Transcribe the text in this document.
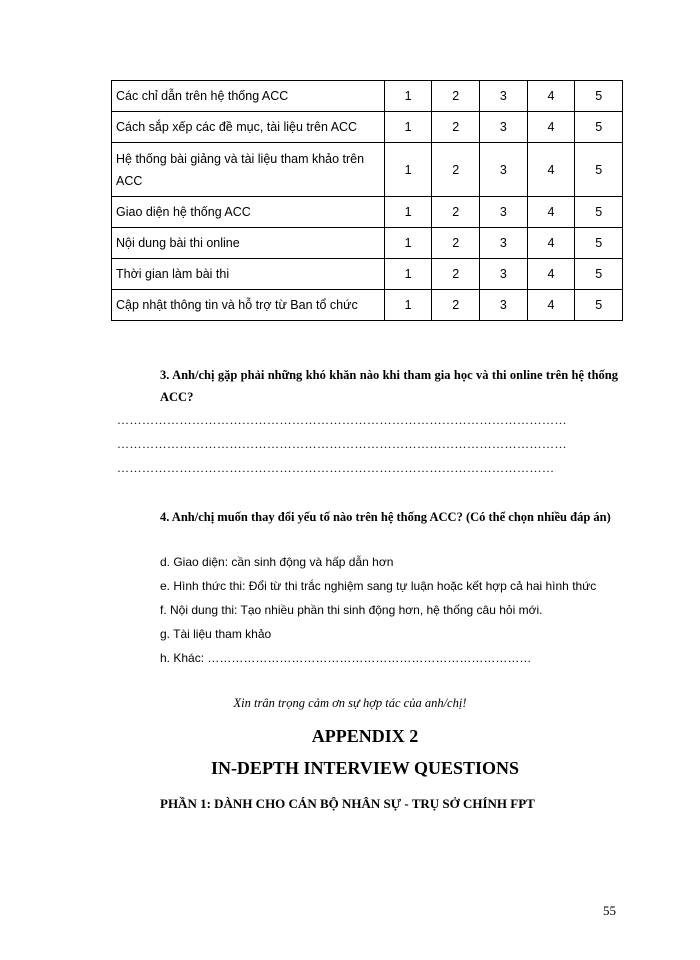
Các chỉ dẫn trên hệ thống ACC	1	2	3	4	5
Cách sắp xếp các đề mục, tài liệu trên ACC	1	2	3	4	5
Hệ thống bài giảng và tài liệu tham khảo trên ACC	1	2	3	4	5
Giao diện hệ thống ACC	1	2	3	4	5
Nội dung bài thi online	1	2	3	4	5
Thời gian làm bài thi	1	2	3	4	5
Cập nhật thông tin và hỗ trợ từ Ban tổ chức	1	2	3	4	5
3. Anh/chị gặp phải những khó khăn nào khi tham gia học và thi online trên hệ thống ACC?
………………………………………………………………………………………………
………………………………………………………………………………………………
……………………………………………………………………………………………
4. Anh/chị muốn thay đổi yếu tố nào trên hệ thống ACC? (Có thể chọn nhiều đáp án)
d. Giao diện: cần sinh động và hấp dẫn hơn
e. Hình thức thi: Đổi từ thi trắc nghiệm sang tự luận hoặc kết hợp cả hai hình thức
f. Nội dung thi: Tạo nhiều phần thi sinh động hơn, hệ thống câu hỏi mới.
g. Tài liệu tham khảo
h. Khác: ………………………………………………………………………
Xin trân trọng cảm ơn sự hợp tác của anh/chị!
APPENDIX 2
IN-DEPTH INTERVIEW QUESTIONS
PHẦN 1: DÀNH CHO CÁN BỘ NHÂN SỰ - TRỤ SỞ CHÍNH FPT
55
